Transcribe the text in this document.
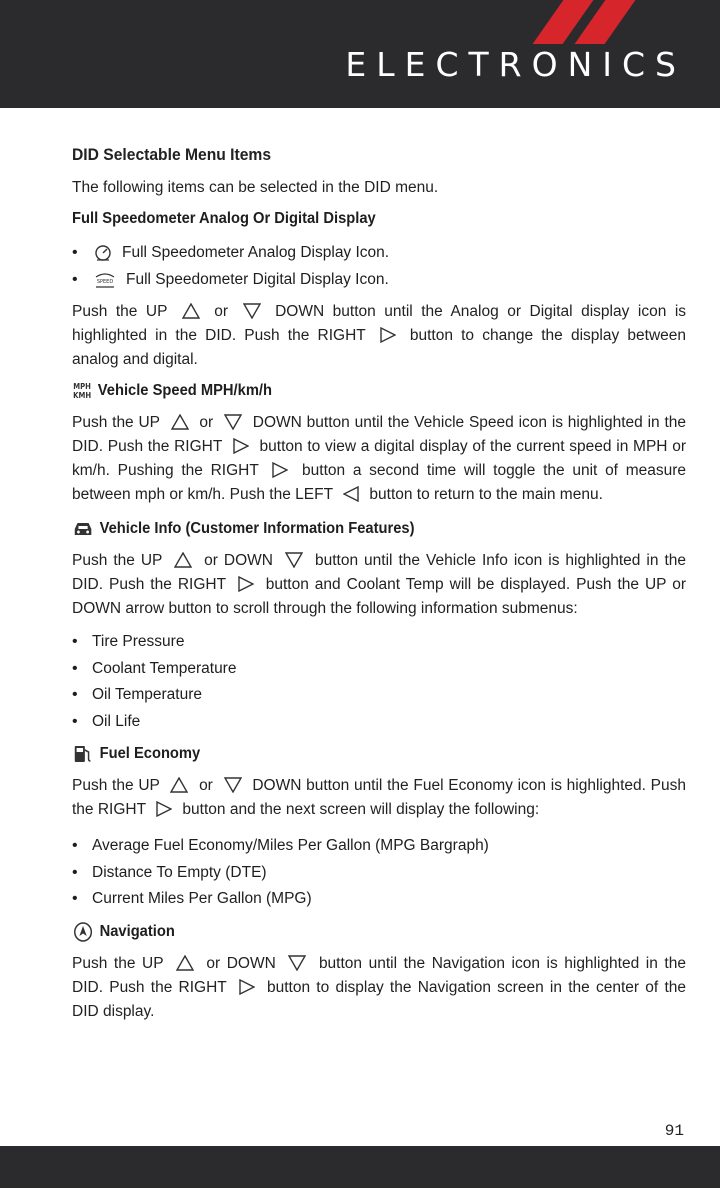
ELECTRONICS
DID Selectable Menu Items

The following items can be selected in the DID menu.

Full Speedometer Analog Or Digital Display
• Full Speedometer Analog Display Icon.
• SPEED Full Speedometer Digital Display Icon.

Push the UP	or	DOWN button until the Analog or Digital display icon is highlighted in the DID. Push the RIGHT	button to change the display between analog and digital.

MPH
KMH Vehicle Speed MPH/km/h

Push the UP	or	DOWN button until the Vehicle Speed icon is highlighted in the DID. Push the RIGHT button to view a digital display of the current speed in MPH or km/h. Pushing the RIGHT	button a second time will toggle the unit of measure between mph or km/h. Push the LEFT button to return to the main menu.

Vehicle Info (Customer Information Features)

Push the UP	or DOWN	button until the Vehicle Info icon is highlighted in the DID. Push the RIGHT	button and Coolant Temp will be displayed. Push the UP or DOWN arrow button to scroll through the following information submenus:

• Tire Pressure
• Coolant Temperature
• Oil Temperature
• Oil Life
Fuel Economy

Push the UP	or	DOWN button until the Fuel Economy icon is highlighted. Push the RIGHT button and the next screen will display the following:

• Average Fuel Economy/Miles Per Gallon (MPG Bargraph)
• Distance To Empty (DTE)
• Current Miles Per Gallon (MPG)
Navigation

Push the UP	or DOWN	button until the Navigation icon is highlighted in the DID. Push the RIGHT	button to display the Navigation screen in the center of the DID display.

91
